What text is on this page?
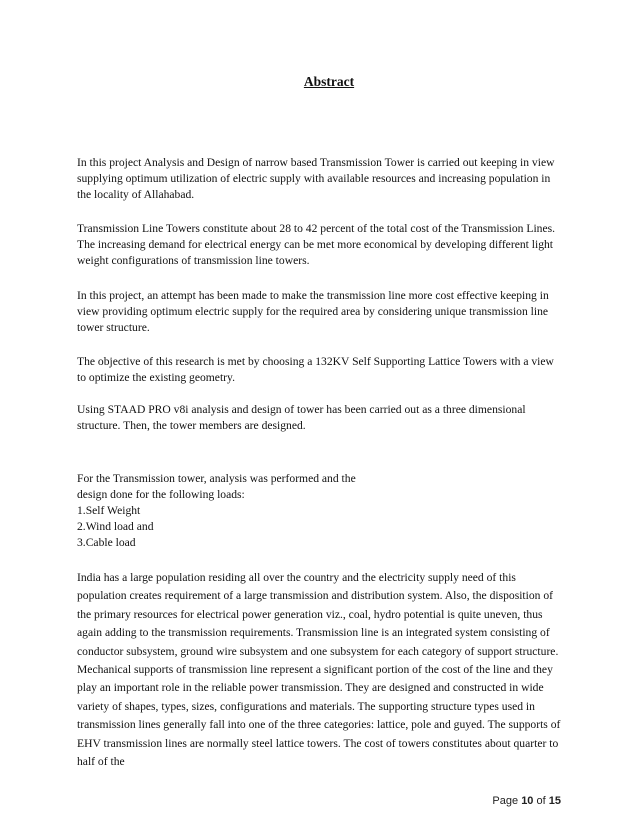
Abstract

In this project Analysis and Design of narrow based Transmission Tower is carried out keeping in view supplying optimum utilization of electric supply with available resources and increasing population in the locality of Allahabad.

Transmission Line Towers constitute about 28 to 42 percent of the total cost of the Transmission Lines. The increasing demand for electrical energy can be met more economical by developing different light weight configurations of transmission line towers.

In this project, an attempt has been made to make the transmission line more cost effective keeping in view providing optimum electric supply for the required area by considering unique transmission line tower structure.

The objective of this research is met by choosing a 132KV Self Supporting Lattice Towers with a view to optimize the existing geometry.

Using STAAD PRO v8i analysis and design of tower has been carried out as a three dimensional structure. Then, the tower members are designed.

For the Transmission tower, analysis was performed and the
design done for the following loads:
1.Self Weight
2.Wind load and
3.Cable load

India has a large population residing all over the country and the electricity supply need of this population creates requirement of a large transmission and distribution system. Also, the disposition of the primary resources for electrical power generation viz., coal, hydro potential is quite uneven, thus again adding to the transmission requirements. Transmission line is an integrated system consisting of conductor subsystem, ground wire subsystem and one subsystem for each category of support structure. Mechanical supports of transmission line represent a significant portion of the cost of the line and they play an important role in the reliable power transmission. They are designed and constructed in wide variety of shapes, types, sizes, configurations and materials. The supporting structure types used in transmission lines generally fall into one of the three categories: lattice, pole and guyed. The supports of EHV transmission lines are normally steel lattice towers. The cost of towers constitutes about quarter to half of the

Page 10 of 15
